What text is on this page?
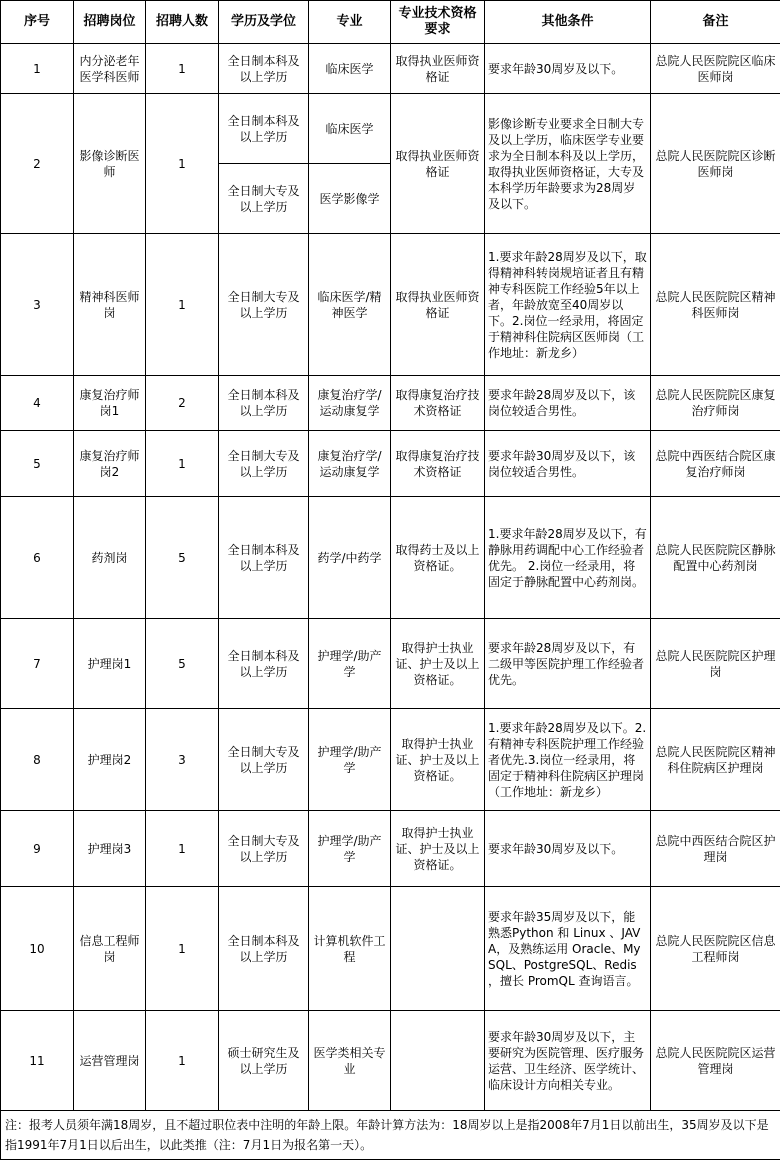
序号	招聘岗位	招聘人数	学历及学位	专业	专业技术资格要求	其他条件	备注
1	内分泌老年医学科医师	1	全日制本科及以上学历	临床医学	取得执业医师资格证	要求年龄30周岁及以下。	总院人民医院院区临床医师岗
2	影像诊断医师	1	全日制本科及以上学历	临床医学	取得执业医师资格证	影像诊断专业要求全日制大专及以上学历，临床医学专业要求为全日制本科及以上学历，取得执业医师资格证，大专及本科学历年龄要求为28周岁及以下。	总院人民医院院区诊断医师岗
			全日制大专及以上学历	医学影像学			
3	精神科医师岗	1	全日制大专及以上学历	临床医学/精神医学	取得执业医师资格证	1.要求年龄28周岁及以下，取得精神科转岗规培证者且有精神专科医院工作经验5年以上者，年龄放宽至40周岁以下。2.岗位一经录用，将固定于精神科住院病区医师岗（工作地址：新龙乡）	总院人民医院院区精神科医师岗
4	康复治疗师岗1	2	全日制本科及以上学历	康复治疗学/运动康复学	取得康复治疗技术资格证	要求年龄28周岁及以下，该岗位较适合男性。	总院人民医院院区康复治疗师岗
5	康复治疗师岗2	1	全日制大专及以上学历	康复治疗学/运动康复学	取得康复治疗技术资格证	要求年龄30周岁及以下，该岗位较适合男性。	总院中西医结合院区康复治疗师岗
6	药剂岗	5	全日制本科及以上学历	药学/中药学	取得药士及以上资格证。	1.要求年龄28周岁及以下，有静脉用药调配中心工作经验者优先。 2.岗位一经录用，将固定于静脉配置中心药剂岗。	总院人民医院院区静脉配置中心药剂岗
7	护理岗1	5	全日制本科及以上学历	护理学/助产学	取得护士执业证、护士及以上资格证。	要求年龄28周岁及以下，有二级甲等医院护理工作经验者优先。	总院人民医院院区护理岗
8	护理岗2	3	全日制大专及以上学历	护理学/助产学	取得护士执业证、护士及以上资格证。	1.要求年龄28周岁及以下。2.有精神专科医院护理工作经验者优先.3.岗位一经录用，将固定于精神科住院病区护理岗（工作地址：新龙乡）	总院人民医院院区精神科住院病区护理岗
9	护理岗3	1	全日制大专及以上学历	护理学/助产学	取得护士执业证、护士及以上资格证。	要求年龄30周岁及以下。	总院中西医结合院区护理岗
10	信息工程师岗	1	全日制本科及以上学历	计算机软件工程		要求年龄35周岁及以下，能熟悉Python 和 Linux 、JAVA，及熟练运用 Oracle、MySQL、PostgreSQL、Redis ，擅长 PromQL 查询语言。	总院人民医院院区信息工程师岗
11	运营管理岗	1	硕士研究生及以上学历	医学类相关专业		要求年龄30周岁及以下，主要研究为医院管理、医疗服务运营、卫生经济、医学统计、临床设计方向相关专业。	总院人民医院院区运营管理岗
注：报考人员须年满18周岁，且不超过职位表中注明的年龄上限。年龄计算方法为：18周岁以上是指2008年7月1日以前出生，35周岁及以下是指1991年7月1日以后出生，以此类推（注：7月1日为报名第一天）。							
